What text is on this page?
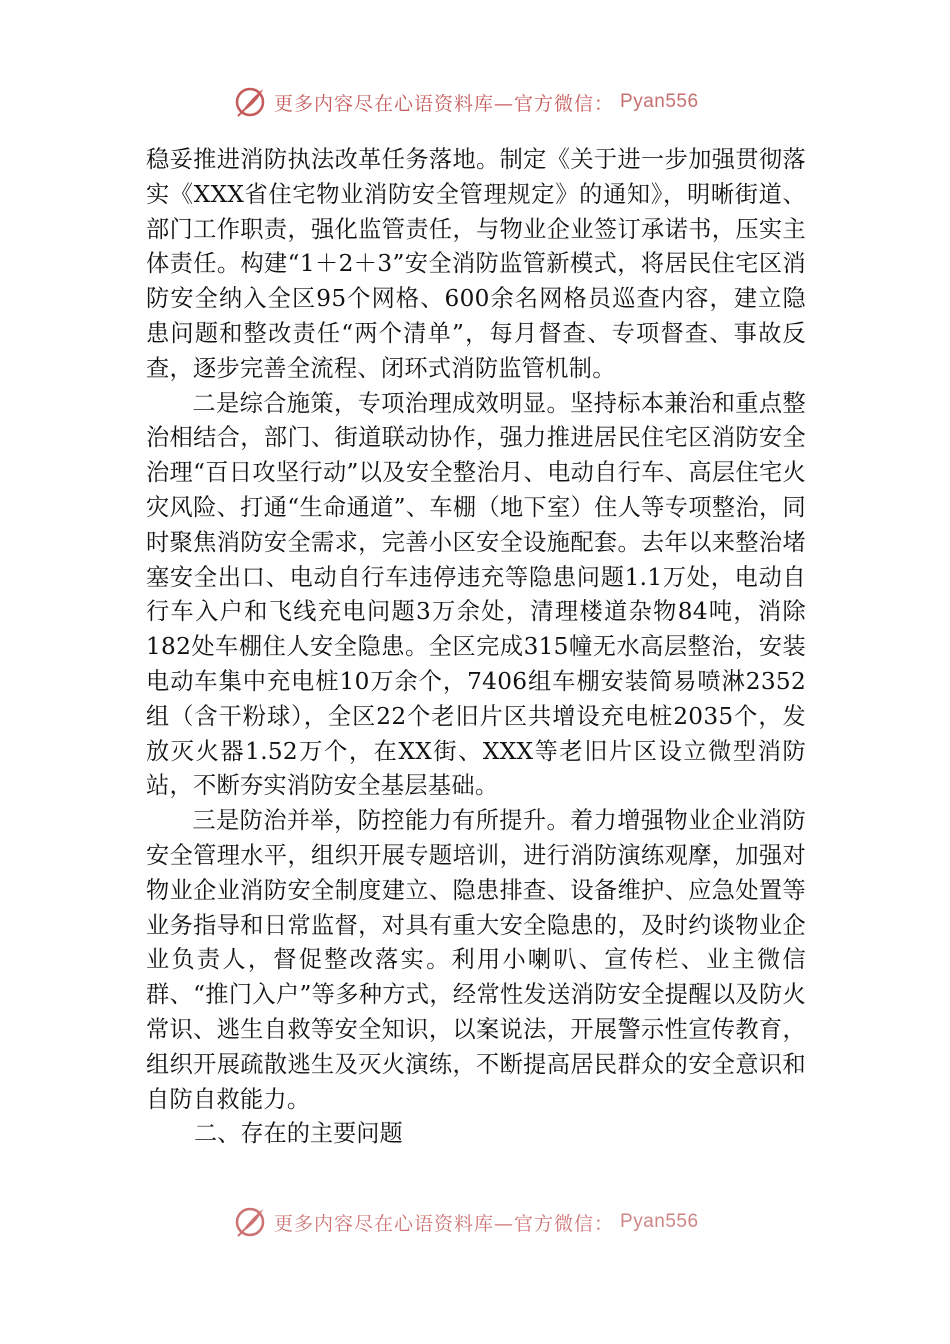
更多内容尽在心语资料库—官方微信： Pyan556

稳妥推进消防执法改革任务落地。制定《关于进一步加强贯彻落实《XXX省住宅物业消防安全管理规定》的通知》，明晰街道、部门工作职责，强化监管责任，与物业企业签订承诺书，压实主体责任。构建“1＋2＋3”安全消防监管新模式，将居民住宅区消防安全纳入全区95个网格、600余名网格员巡查内容，建立隐患问题和整改责任“两个清单”，每月督查、专项督查、事故反查，逐步完善全流程、闭环式消防监管机制。

二是综合施策，专项治理成效明显。坚持标本兼治和重点整治相结合，部门、街道联动协作，强力推进居民住宅区消防安全治理“百日攻坚行动”以及安全整治月、电动自行车、高层住宅火灾风险、打通“生命通道”、车棚（地下室）住人等专项整治，同时聚焦消防安全需求，完善小区安全设施配套。去年以来整治堵塞安全出口、电动自行车违停违充等隐患问题1.1万处，电动自行车入户和飞线充电问题3万余处，清理楼道杂物84吨，消除182处车棚住人安全隐患。全区完成315幢无水高层整治，安装电动车集中充电桩10万余个，7406组车棚安装简易喷淋2352组（含干粉球），全区22个老旧片区共增设充电桩2035个，发放灭火器1.52万个，在XX街、XXX等老旧片区设立微型消防站，不断夯实消防安全基层基础。

三是防治并举，防控能力有所提升。着力增强物业企业消防安全管理水平，组织开展专题培训，进行消防演练观摩，加强对物业企业消防安全制度建立、隐患排查、设备维护、应急处置等业务指导和日常监督，对具有重大安全隐患的，及时约谈物业企业负责人，督促整改落实。利用小喇叭、宣传栏、业主微信群、“推门入户”等多种方式，经常性发送消防安全提醒以及防火常识、逃生自救等安全知识，以案说法，开展警示性宣传教育，组织开展疏散逃生及灭火演练，不断提高居民群众的安全意识和自防自救能力。

二、存在的主要问题
更多内容尽在心语资料库—官方微信： Pyan556
